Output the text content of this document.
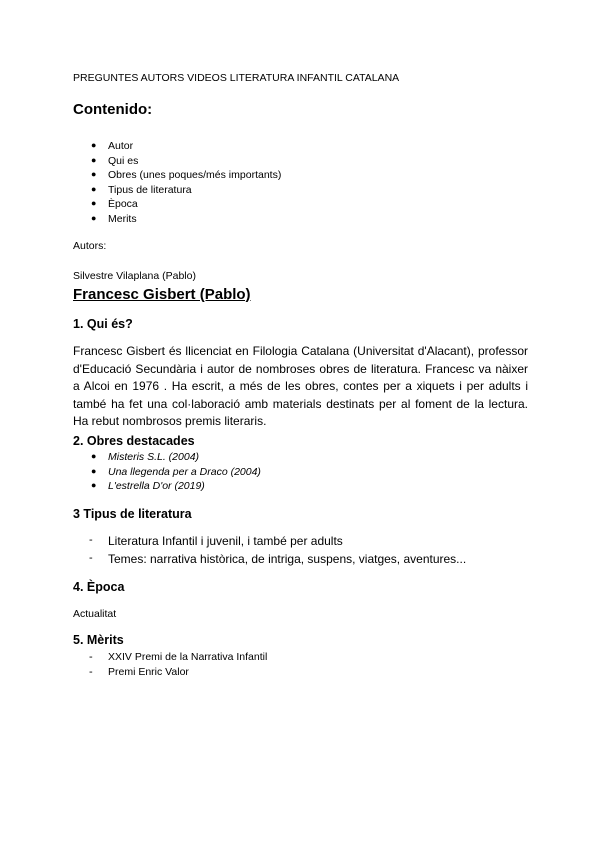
PREGUNTES AUTORS VIDEOS LITERATURA INFANTIL CATALANA
Contenido:
● Autor
● Qui es
● Obres (unes poques/més importants)
● Tipus de literatura
● Època
● Merits
Autors:
Silvestre Vilaplana (Pablo)
Francesc Gisbert (Pablo)
1. Qui és?
Francesc Gisbert és llicenciat en Filologia Catalana (Universitat d'Alacant), professor d'Educació Secundària i autor de nombroses obres de literatura. Francesc va nàixer a Alcoi en 1976 . Ha escrit, a més de les obres, contes per a xiquets i per adults i també ha fet una col·laboració amb materials destinats per al foment de la lectura. Ha rebut nombrosos premis literaris.
2. Obres destacades
● Misteris S.L. (2004)
● Una llegenda per a Draco (2004)
● L'estrella D'or (2019)
3 Tipus de literatura
- Literatura Infantil i juvenil, i també per adults
- Temes: narrativa històrica, de intriga, suspens, viatges, aventures...
4. Època
Actualitat
5. Mèrits
- XXIV Premi de la Narrativa Infantil
- Premi Enric Valor
